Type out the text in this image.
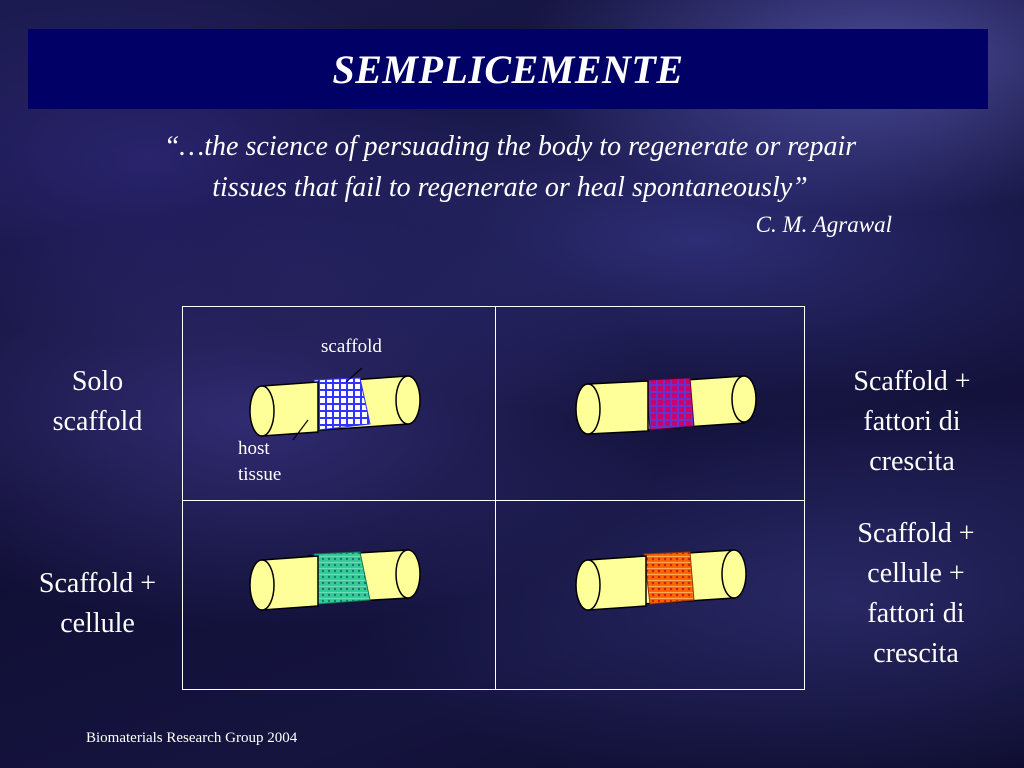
SEMPLICEMENTE
“…the science of persuading the body to regenerate or repair
tissues that fail to regenerate or heal spontaneously”
C. M. Agrawal
Solo
scaffold
Scaffold +
cellule
Scaffold +
fattori di
crescita
Scaffold +
cellule +
fattori di
crescita
scaffold
host
tissue
Biomaterials Research Group 2004
